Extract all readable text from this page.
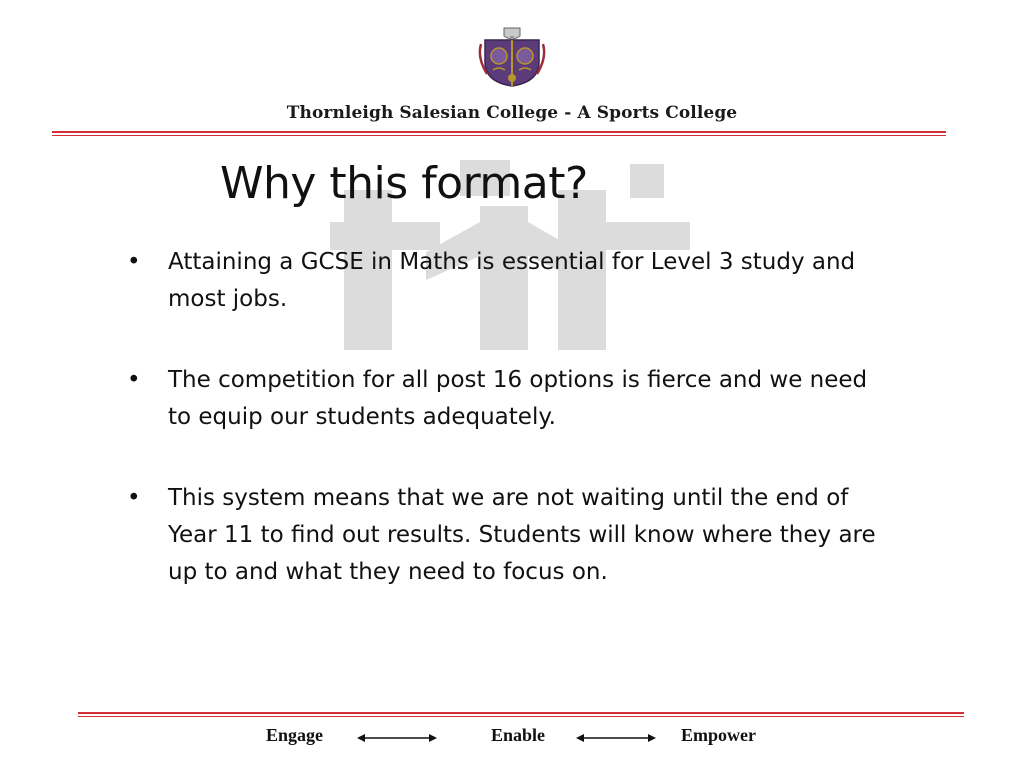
Thornleigh Salesian College - A Sports College
Why this format?
• Attaining a GCSE in Maths is essential for Level 3 study and most jobs.
• The competition for all post 16 options is fierce and we need to equip our students adequately.
• This system means that we are not waiting until the end of Year 11 to find out results. Students will know where they are up to and what they need to focus on.
Engage	Enable	Empower
